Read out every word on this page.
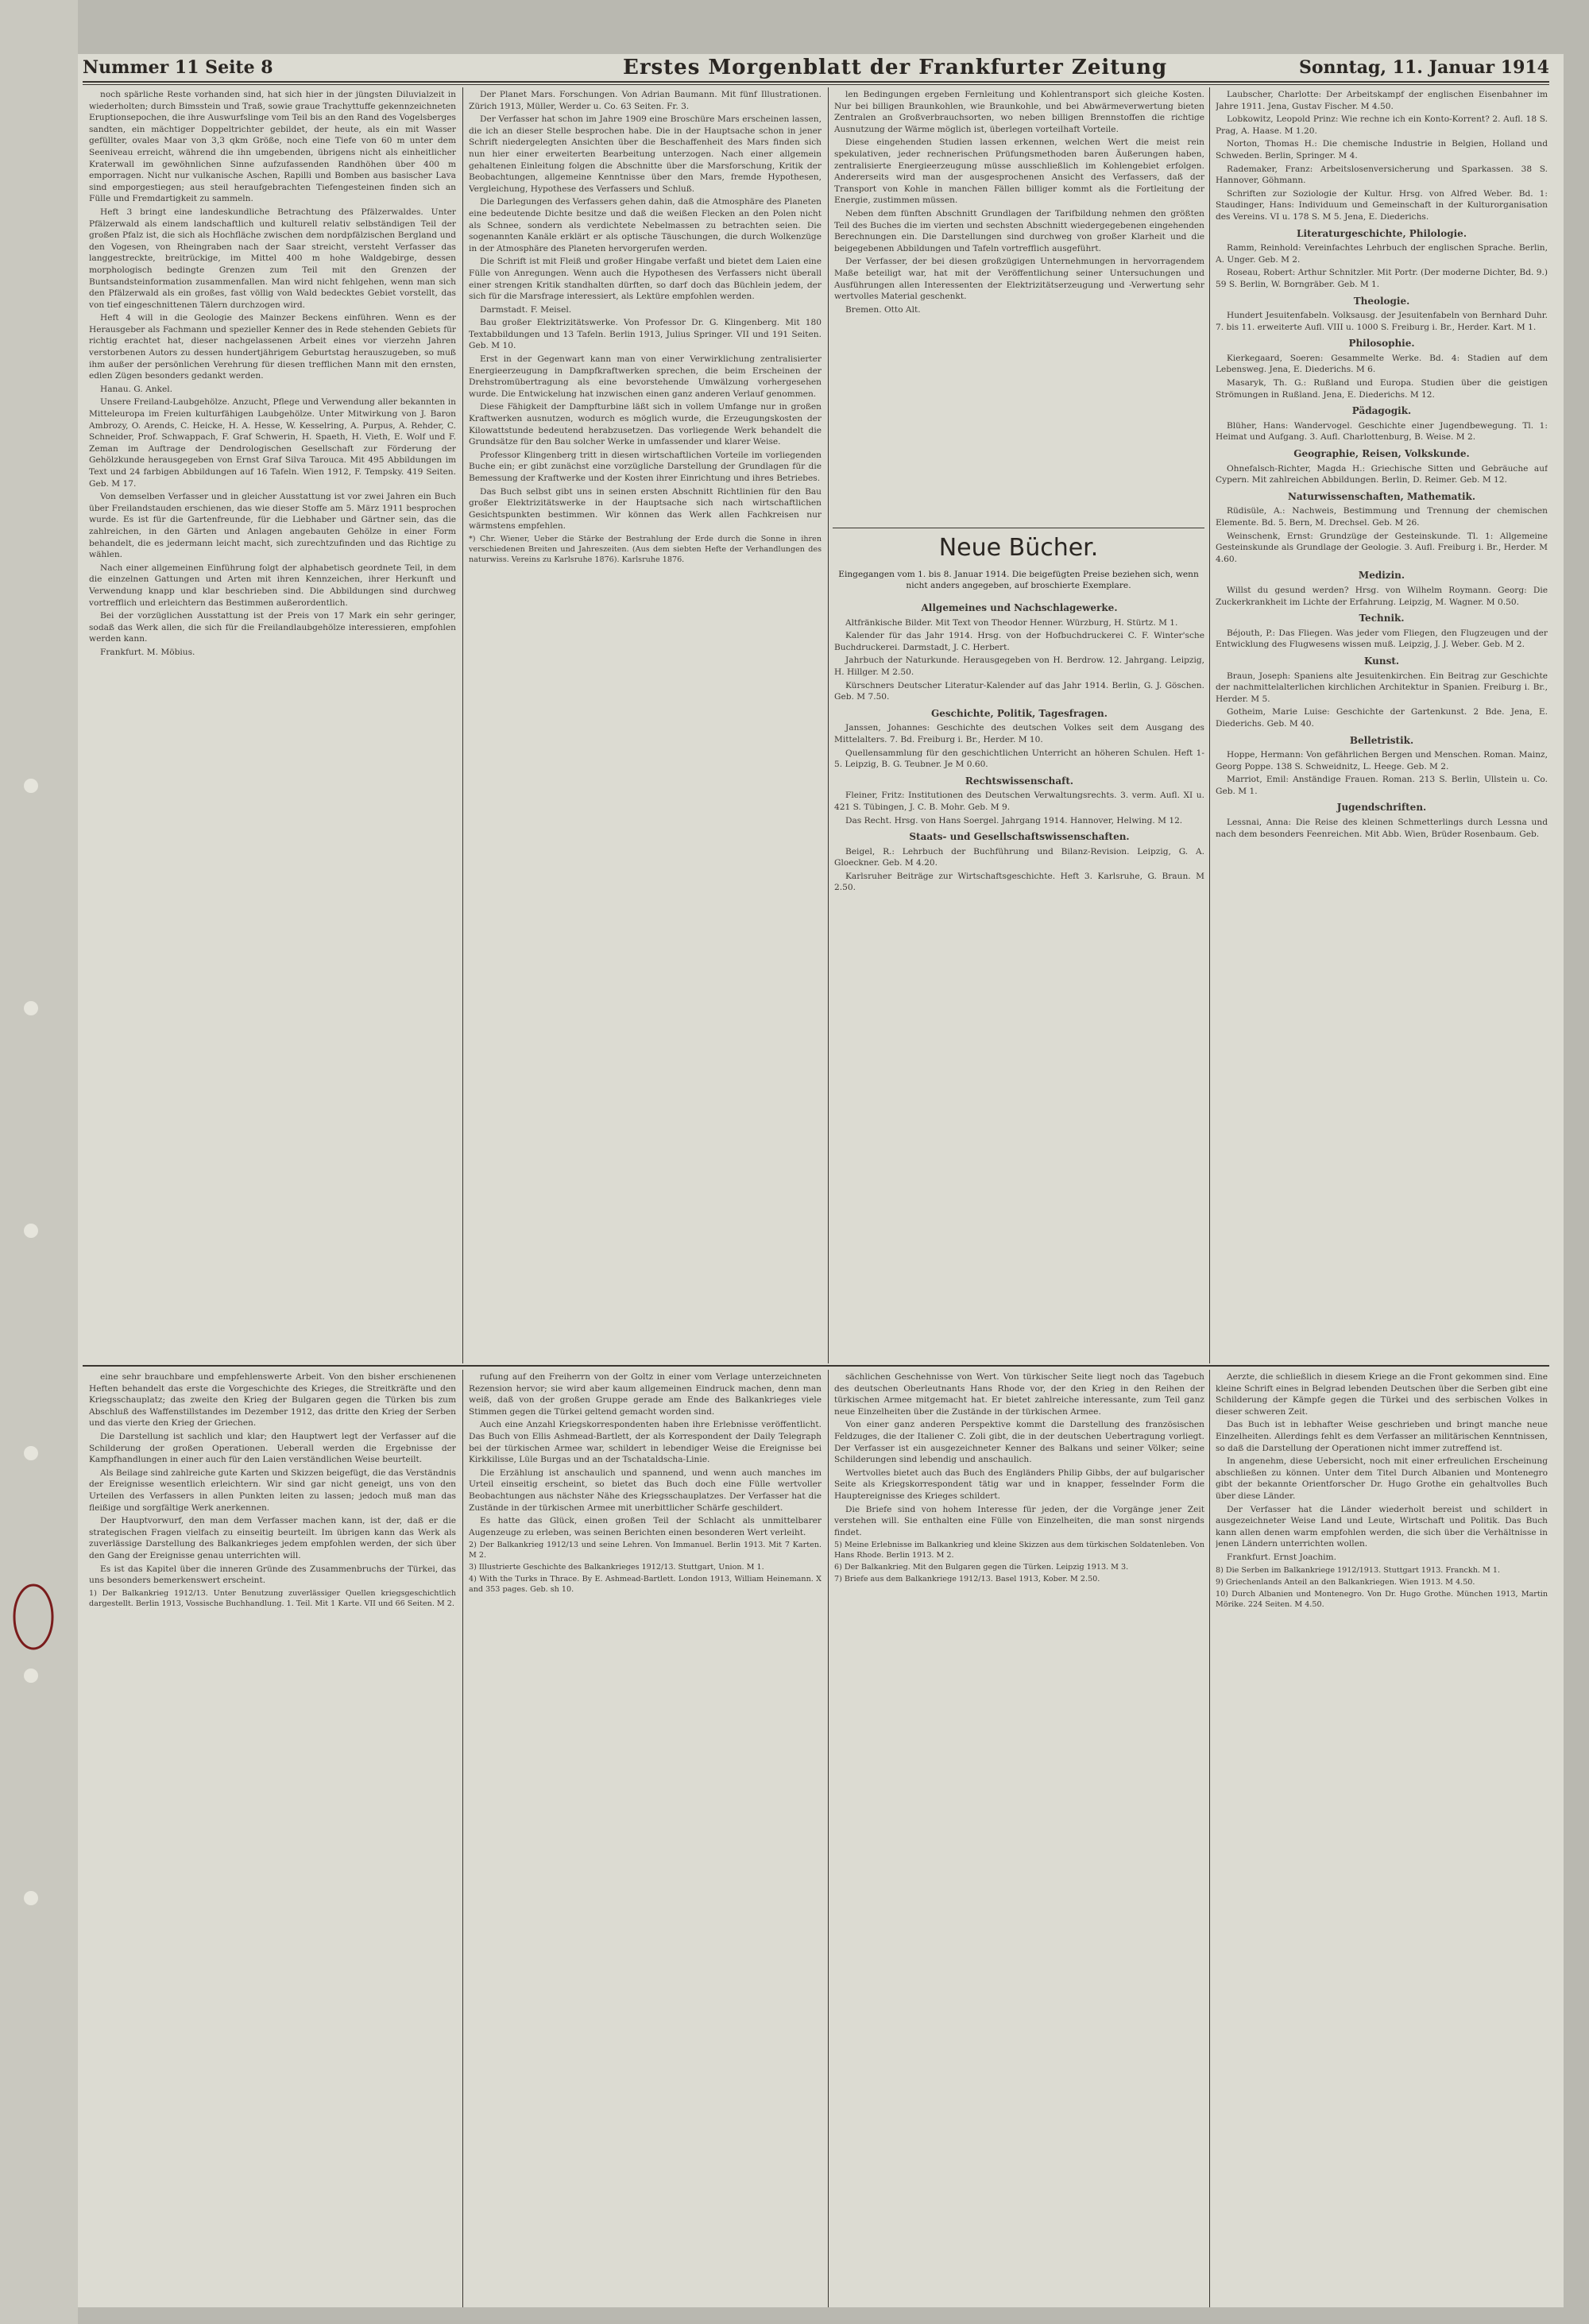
Nummer 11 Seite 8	Erstes Morgenblatt der Frankfurter Zeitung	Sonntag, 11. Januar 1914

noch spärliche Reste vorhanden sind, hat sich hier in der jüngsten Diluvialzeit in wiederholten; durch Bimsstein und Traß, sowie graue Trachyttuffe gekennzeichneten Eruptionsepochen, die ihre Auswurfslinge vom Teil bis an den Rand des Vogelsberges sandten, ein mächtiger Doppeltrichter gebildet, der heute, als ein mit Wasser gefüllter, ovales Maar von 3,3 qkm Größe, noch eine Tiefe von 60 m unter dem Seeniveau erreicht, während die ihn umgebenden, übrigens nicht als einheitlicher Kraterwall im gewöhnlichen Sinne aufzufassenden Randhöhen über 400 m emporragen. Nicht nur vulkanische Aschen, Rapilli und Bomben aus basischer Lava sind emporgestiegen; aus steil heraufgebrachten Tiefengesteinen finden sich an Fülle und Fremdartigkeit zu sammeln.

Heft 3 bringt eine landeskundliche Betrachtung des Pfälzerwaldes. Unter Pfälzerwald als einem landschaftlich und kulturell relativ selbständigen Teil der großen Pfalz ist, die sich als Hochfläche zwischen dem nordpfälzischen Bergland und den Vogesen, von Rheingraben nach der Saar streicht, versteht Verfasser das langgestreckte, breitrückige, im Mittel 400 m hohe Waldgebirge, dessen morphologisch bedingte Grenzen zum Teil mit den Grenzen der Buntsandsteinformation zusammenfallen. Man wird nicht fehlgehen, wenn man sich den Pfälzerwald als ein großes, fast völlig von Wald bedecktes Gebiet vorstellt, das von tief eingeschnittenen Tälern durchzogen wird.

Heft 4 will in die Geologie des Mainzer Beckens einführen. Wenn es der Herausgeber als Fachmann und spezieller Kenner des in Rede stehenden Gebiets für richtig erachtet hat, dieser nachgelassenen Arbeit eines vor vierzehn Jahren verstorbenen Autors zu dessen hundertjährigem Geburtstag herauszugeben, so muß ihm außer der persönlichen Verehrung für diesen trefflichen Mann mit den ernsten, edlen Zügen besonders gedankt werden.

Hanau. G. Ankel.

Unsere Freiland-Laubgehölze. Anzucht, Pflege und Verwendung aller bekannten in Mitteleuropa im Freien kulturfähigen Laubgehölze. Unter Mitwirkung von J. Baron Ambrozy, O. Arends, C. Heicke, H. A. Hesse, W. Kesselring, A. Purpus, A. Rehder, C. Schneider, Prof. Schwappach, F. Graf Schwerin, H. Spaeth, H. Vieth, E. Wolf und F. Zeman im Auftrage der Dendrologischen Gesellschaft zur Förderung der Gehölzkunde herausgegeben von Ernst Graf Silva Tarouca. Mit 495 Abbildungen im Text und 24 farbigen Abbildungen auf 16 Tafeln. Wien 1912, F. Tempsky. 419 Seiten. Geb. M 17.

Von demselben Verfasser und in gleicher Ausstattung ist vor zwei Jahren ein Buch über Freilandstauden erschienen, das wie dieser Stoffe am 5. März 1911 besprochen wurde. Es ist für die Gartenfreunde, für die Liebhaber und Gärtner sein, das die zahlreichen, in den Gärten und Anlagen angebauten Gehölze in einer Form behandelt, die es jedermann leicht macht, sich zurechtzufinden und das Richtige zu wählen.

Nach einer allgemeinen Einführung folgt der alphabetisch geordnete Teil, in dem die einzelnen Gattungen und Arten mit ihren Kennzeichen, ihrer Herkunft und Verwendung knapp und klar beschrieben sind. Die Abbildungen sind durchweg vortrefflich und erleichtern das Bestimmen außerordentlich.

Bei der vorzüglichen Ausstattung ist der Preis von 17 Mark ein sehr geringer, sodaß das Werk allen, die sich für die Freilandlaubgehölze interessieren, empfohlen werden kann.

Frankfurt. M. Möbius.

Der Planet Mars. Forschungen. Von Adrian Baumann. Mit fünf Illustrationen. Zürich 1913, Müller, Werder u. Co. 63 Seiten. Fr. 3.

Der Verfasser hat schon im Jahre 1909 eine Broschüre Mars erscheinen lassen, die ich an dieser Stelle besprochen habe. Die in der Hauptsache schon in jener Schrift niedergelegten Ansichten über die Beschaffenheit des Mars finden sich nun hier einer erweiterten Bearbeitung unterzogen. Nach einer allgemein gehaltenen Einleitung folgen die Abschnitte über die Marsforschung, Kritik der Beobachtungen, allgemeine Kenntnisse über den Mars, fremde Hypothesen, Vergleichung, Hypothese des Verfassers und Schluß.

Die Darlegungen des Verfassers gehen dahin, daß die Atmosphäre des Planeten eine bedeutende Dichte besitze und daß die weißen Flecken an den Polen nicht als Schnee, sondern als verdichtete Nebelmassen zu betrachten seien. Die sogenannten Kanäle erklärt er als optische Täuschungen, die durch Wolkenzüge in der Atmosphäre des Planeten hervorgerufen werden.

Die Schrift ist mit Fleiß und großer Hingabe verfaßt und bietet dem Laien eine Fülle von Anregungen. Wenn auch die Hypothesen des Verfassers nicht überall einer strengen Kritik standhalten dürften, so darf doch das Büchlein jedem, der sich für die Marsfrage interessiert, als Lektüre empfohlen werden.

Darmstadt. F. Meisel.

Bau großer Elektrizitätswerke. Von Professor Dr. G. Klingenberg. Mit 180 Textabbildungen und 13 Tafeln. Berlin 1913, Julius Springer. VII und 191 Seiten. Geb. M 10.

Erst in der Gegenwart kann man von einer Verwirklichung zentralisierter Energieerzeugung in Dampfkraftwerken sprechen, die beim Erscheinen der Drehstromübertragung als eine bevorstehende Umwälzung vorhergesehen wurde. Die Entwickelung hat inzwischen einen ganz anderen Verlauf genommen.

Diese Fähigkeit der Dampfturbine läßt sich in vollem Umfange nur in großen Kraftwerken ausnutzen, wodurch es möglich wurde, die Erzeugungskosten der Kilowattstunde bedeutend herabzusetzen. Das vorliegende Werk behandelt die Grundsätze für den Bau solcher Werke in umfassender und klarer Weise.

Professor Klingenberg tritt in diesen wirtschaftlichen Vorteile im vorliegenden Buche ein; er gibt zunächst eine vorzügliche Darstellung der Grundlagen für die Bemessung der Kraftwerke und der Kosten ihrer Einrichtung und ihres Betriebes.

Das Buch selbst gibt uns in seinen ersten Abschnitt Richtlinien für den Bau großer Elektrizitätswerke in der Hauptsache sich nach wirtschaftlichen Gesichtspunkten bestimmen. Wir können das Werk allen Fachkreisen nur wärmstens empfehlen.

*) Chr. Wiener, Ueber die Stärke der Bestrahlung der Erde durch die Sonne in ihren verschiedenen Breiten und Jahreszeiten. (Aus dem siebten Hefte der Verhandlungen des naturwiss. Vereins zu Karlsruhe 1876). Karlsruhe 1876.

len Bedingungen ergeben Fernleitung und Kohlentransport sich gleiche Kosten. Nur bei billigen Braunkohlen, wie Braunkohle, und bei Abwärmeverwertung bieten Zentralen an Großverbrauchsorten, wo neben billigen Brennstoffen die richtige Ausnutzung der Wärme möglich ist, überlegen vorteilhaft Vorteile.

Diese eingehenden Studien lassen erkennen, welchen Wert die meist rein spekulativen, jeder rechnerischen Prüfungsmethoden baren Äußerungen haben, zentralisierte Energieerzeugung müsse ausschließlich im Kohlengebiet erfolgen. Andererseits wird man der ausgesprochenen Ansicht des Verfassers, daß der Transport von Kohle in manchen Fällen billiger kommt als die Fortleitung der Energie, zustimmen müssen.

Neben dem fünften Abschnitt Grundlagen der Tarifbildung nehmen den größten Teil des Buches die im vierten und sechsten Abschnitt wiedergegebenen eingehenden Berechnungen ein. Die Darstellungen sind durchweg von großer Klarheit und die beigegebenen Abbildungen und Tafeln vortrefflich ausgeführt.

Der Verfasser, der bei diesen großzügigen Unternehmungen in hervorragendem Maße beteiligt war, hat mit der Veröffentlichung seiner Untersuchungen und Ausführungen allen Interessenten der Elektrizitätserzeugung und -Verwertung sehr wertvolles Material geschenkt.

Bremen. Otto Alt.

Neue Bücher.
Eingegangen vom 1. bis 8. Januar 1914. Die beigefügten Preise beziehen sich, wenn nicht anders angegeben, auf broschierte Exemplare.

Allgemeines und Nachschlagewerke.

Altfränkische Bilder. Mit Text von Theodor Henner. Würzburg, H. Stürtz. M 1.

Kalender für das Jahr 1914. Hrsg. von der Hofbuchdruckerei C. F. Winter'sche Buchdruckerei. Darmstadt, J. C. Herbert.

Jahrbuch der Naturkunde. Herausgegeben von H. Berdrow. 12. Jahrgang. Leipzig, H. Hillger. M 2.50.

Kürschners Deutscher Literatur-Kalender auf das Jahr 1914. Berlin, G. J. Göschen. Geb. M 7.50.

Geschichte, Politik, Tagesfragen.

Janssen, Johannes: Geschichte des deutschen Volkes seit dem Ausgang des Mittelalters. 7. Bd. Freiburg i. Br., Herder. M 10.

Quellensammlung für den geschichtlichen Unterricht an höheren Schulen. Heft 1-5. Leipzig, B. G. Teubner. Je M 0.60.

Rechtswissenschaft.

Fleiner, Fritz: Institutionen des Deutschen Verwaltungsrechts. 3. verm. Aufl. XI u. 421 S. Tübingen, J. C. B. Mohr. Geb. M 9.

Das Recht. Hrsg. von Hans Soergel. Jahrgang 1914. Hannover, Helwing. M 12.

Staats- und Gesellschaftswissenschaften.

Beigel, R.: Lehrbuch der Buchführung und Bilanz-Revision. Leipzig, G. A. Gloeckner. Geb. M 4.20.

Karlsruher Beiträge zur Wirtschaftsgeschichte. Heft 3. Karlsruhe, G. Braun. M 2.50.

Laubscher, Charlotte: Der Arbeitskampf der englischen Eisenbahner im Jahre 1911. Jena, Gustav Fischer. M 4.50.

Lobkowitz, Leopold Prinz: Wie rechne ich ein Konto-Korrent? 2. Aufl. 18 S. Prag, A. Haase. M 1.20.

Norton, Thomas H.: Die chemische Industrie in Belgien, Holland und Schweden. Berlin, Springer. M 4.

Rademaker, Franz: Arbeitslosenversicherung und Sparkassen. 38 S. Hannover, Göhmann.

Schriften zur Soziologie der Kultur. Hrsg. von Alfred Weber. Bd. 1: Staudinger, Hans: Individuum und Gemeinschaft in der Kulturorganisation des Vereins. VI u. 178 S. M 5. Jena, E. Diederichs.

Literaturgeschichte, Philologie.

Ramm, Reinhold: Vereinfachtes Lehrbuch der englischen Sprache. Berlin, A. Unger. Geb. M 2.

Roseau, Robert: Arthur Schnitzler. Mit Portr. (Der moderne Dichter, Bd. 9.) 59 S. Berlin, W. Borngräber. Geb. M 1.

Theologie.

Hundert Jesuitenfabeln. Volksausg. der Jesuitenfabeln von Bernhard Duhr. 7. bis 11. erweiterte Aufl. VIII u. 1000 S. Freiburg i. Br., Herder. Kart. M 1.

Philosophie.

Kierkegaard, Soeren: Gesammelte Werke. Bd. 4: Stadien auf dem Lebensweg. Jena, E. Diederichs. M 6.

Masaryk, Th. G.: Rußland und Europa. Studien über die geistigen Strömungen in Rußland. Jena, E. Diederichs. M 12.

Pädagogik.

Blüher, Hans: Wandervogel. Geschichte einer Jugendbewegung. Tl. 1: Heimat und Aufgang. 3. Aufl. Charlottenburg, B. Weise. M 2.

Geographie, Reisen, Volkskunde.

Ohnefalsch-Richter, Magda H.: Griechische Sitten und Gebräuche auf Cypern. Mit zahlreichen Abbildungen. Berlin, D. Reimer. Geb. M 12.

Naturwissenschaften, Mathematik.

Rüdisüle, A.: Nachweis, Bestimmung und Trennung der chemischen Elemente. Bd. 5. Bern, M. Drechsel. Geb. M 26.

Weinschenk, Ernst: Grundzüge der Gesteinskunde. Tl. 1: Allgemeine Gesteinskunde als Grundlage der Geologie. 3. Aufl. Freiburg i. Br., Herder. M 4.60.

Medizin.

Willst du gesund werden? Hrsg. von Wilhelm Roymann. Georg: Die Zuckerkrankheit im Lichte der Erfahrung. Leipzig, M. Wagner. M 0.50.

Technik.

Béjouth, P.: Das Fliegen. Was jeder vom Fliegen, den Flugzeugen und der Entwicklung des Flugwesens wissen muß. Leipzig, J. J. Weber. Geb. M 2.

Kunst.

Braun, Joseph: Spaniens alte Jesuitenkirchen. Ein Beitrag zur Geschichte der nachmittelalterlichen kirchlichen Architektur in Spanien. Freiburg i. Br., Herder. M 5.

Gotheim, Marie Luise: Geschichte der Gartenkunst. 2 Bde. Jena, E. Diederichs. Geb. M 40.

Belletristik.

Hoppe, Hermann: Von gefährlichen Bergen und Menschen. Roman. Mainz, Georg Poppe. 138 S. Schweidnitz, L. Heege. Geb. M 2.

Marriot, Emil: Anständige Frauen. Roman. 213 S. Berlin, Ullstein u. Co. Geb. M 1.

Jugendschriften.

Lessnai, Anna: Die Reise des kleinen Schmetterlings durch Lessna und nach dem besonders Feenreichen. Mit Abb. Wien, Brüder Rosenbaum. Geb.

eine sehr brauchbare und empfehlenswerte Arbeit. Von den bisher erschienenen Heften behandelt das erste die Vorgeschichte des Krieges, die Streitkräfte und den Kriegsschauplatz; das zweite den Krieg der Bulgaren gegen die Türken bis zum Abschluß des Waffenstillstandes im Dezember 1912, das dritte den Krieg der Serben und das vierte den Krieg der Griechen.

Die Darstellung ist sachlich und klar; den Hauptwert legt der Verfasser auf die Schilderung der großen Operationen. Ueberall werden die Ergebnisse der Kampfhandlungen in einer auch für den Laien verständlichen Weise beurteilt.

Als Beilage sind zahlreiche gute Karten und Skizzen beigefügt, die das Verständnis der Ereignisse wesentlich erleichtern. Wir sind gar nicht geneigt, uns von den Urteilen des Verfassers in allen Punkten leiten zu lassen; jedoch muß man das fleißige und sorgfältige Werk anerkennen.

Der Hauptvorwurf, den man dem Verfasser machen kann, ist der, daß er die strategischen Fragen vielfach zu einseitig beurteilt. Im übrigen kann das Werk als zuverlässige Darstellung des Balkankrieges jedem empfohlen werden, der sich über den Gang der Ereignisse genau unterrichten will.

Es ist das Kapitel über die inneren Gründe des Zusammenbruchs der Türkei, das uns besonders bemerkenswert erscheint.

1) Der Balkankrieg 1912/13. Unter Benutzung zuverlässiger Quellen kriegsgeschichtlich dargestellt. Berlin 1913, Vossische Buchhandlung. 1. Teil. Mit 1 Karte. VII und 66 Seiten. M 2.

rufung auf den Freiherrn von der Goltz in einer vom Verlage unterzeichneten Rezension hervor; sie wird aber kaum allgemeinen Eindruck machen, denn man weiß, daß von der großen Gruppe gerade am Ende des Balkankrieges viele Stimmen gegen die Türkei geltend gemacht worden sind.

Auch eine Anzahl Kriegskorrespondenten haben ihre Erlebnisse veröffentlicht. Das Buch von Ellis Ashmead-Bartlett, der als Korrespondent der Daily Telegraph bei der türkischen Armee war, schildert in lebendiger Weise die Ereignisse bei Kirkkilisse, Lüle Burgas und an der Tschataldscha-Linie.

Die Erzählung ist anschaulich und spannend, und wenn auch manches im Urteil einseitig erscheint, so bietet das Buch doch eine Fülle wertvoller Beobachtungen aus nächster Nähe des Kriegsschauplatzes. Der Verfasser hat die Zustände in der türkischen Armee mit unerbittlicher Schärfe geschildert.

Es hatte das Glück, einen großen Teil der Schlacht als unmittelbarer Augenzeuge zu erleben, was seinen Berichten einen besonderen Wert verleiht.

2) Der Balkankrieg 1912/13 und seine Lehren. Von Immanuel. Berlin 1913. Mit 7 Karten. M 2.

3) Illustrierte Geschichte des Balkankrieges 1912/13. Stuttgart, Union. M 1.

4) With the Turks in Thrace. By E. Ashmead-Bartlett. London 1913, William Heinemann. X and 353 pages. Geb. sh 10.

sächlichen Geschehnisse von Wert. Von türkischer Seite liegt noch das Tagebuch des deutschen Oberleutnants Hans Rhode vor, der den Krieg in den Reihen der türkischen Armee mitgemacht hat. Er bietet zahlreiche interessante, zum Teil ganz neue Einzelheiten über die Zustände in der türkischen Armee.

Von einer ganz anderen Perspektive kommt die Darstellung des französischen Feldzuges, die der Italiener C. Zoli gibt, die in der deutschen Uebertragung vorliegt. Der Verfasser ist ein ausgezeichneter Kenner des Balkans und seiner Völker; seine Schilderungen sind lebendig und anschaulich.

Wertvolles bietet auch das Buch des Engländers Philip Gibbs, der auf bulgarischer Seite als Kriegskorrespondent tätig war und in knapper, fesselnder Form die Hauptereignisse des Krieges schildert.

Die Briefe sind von hohem Interesse für jeden, der die Vorgänge jener Zeit verstehen will. Sie enthalten eine Fülle von Einzelheiten, die man sonst nirgends findet.

5) Meine Erlebnisse im Balkankrieg und kleine Skizzen aus dem türkischen Soldatenleben. Von Hans Rhode. Berlin 1913. M 2.

6) Der Balkankrieg. Mit den Bulgaren gegen die Türken. Leipzig 1913. M 3.

7) Briefe aus dem Balkankriege 1912/13. Basel 1913, Kober. M 2.50.

Aerzte, die schließlich in diesem Kriege an die Front gekommen sind. Eine kleine Schrift eines in Belgrad lebenden Deutschen über die Serben gibt eine Schilderung der Kämpfe gegen die Türkei und des serbischen Volkes in dieser schweren Zeit.

Das Buch ist in lebhafter Weise geschrieben und bringt manche neue Einzelheiten. Allerdings fehlt es dem Verfasser an militärischen Kenntnissen, so daß die Darstellung der Operationen nicht immer zutreffend ist.

In angenehm, diese Uebersicht, noch mit einer erfreulichen Erscheinung abschließen zu können. Unter dem Titel Durch Albanien und Montenegro gibt der bekannte Orientforscher Dr. Hugo Grothe ein gehaltvolles Buch über diese Länder.

Der Verfasser hat die Länder wiederholt bereist und schildert in ausgezeichneter Weise Land und Leute, Wirtschaft und Politik. Das Buch kann allen denen warm empfohlen werden, die sich über die Verhältnisse in jenen Ländern unterrichten wollen.

Frankfurt. Ernst Joachim.

8) Die Serben im Balkankriege 1912/1913. Stuttgart 1913. Franckh. M 1.

9) Griechenlands Anteil an den Balkankriegen. Wien 1913. M 4.50.

10) Durch Albanien und Montenegro. Von Dr. Hugo Grothe. München 1913, Martin Mörike. 224 Seiten. M 4.50.
